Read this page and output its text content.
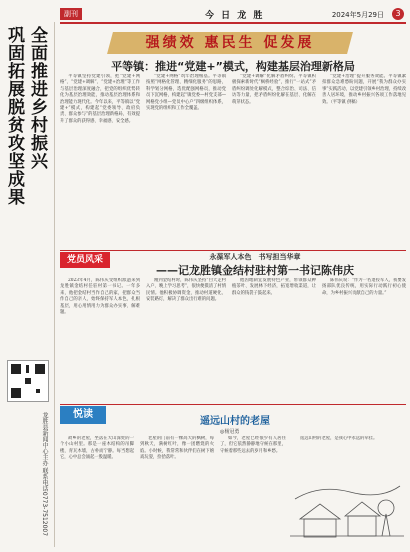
副刊	今 日 龙 胜	2024年5月29日	3
巩固拓展脱贫攻坚成果 全面推进乡村振兴
龙胜县新闻中心主办 联系电话0773-7512007
强绩效 惠民生 促发展
平等镇：推进“党建+”模式，构建基层治理新格局

平等镇坚持党建引领，把“党建+网格”、“党建+调解”、“党建+治理”等工作与基层治理深度融合，把党的组织优势转化为基层治理效能，推动基层治理体系和治理能力现代化。今年以来，平等镇以“党建+”模式，构建起“党委领导、政府负责、群众参与”的基层治理新格局，有效提升了群众的获得感、幸福感、安全感。

“党建+网格”筑牢治理根基。平等镇按照“网格化管理、精细化服务”的思路，科学划分网格，选优配强网格员，推动党员下沉网格，构建起“镇党委—村党支部—网格党小组—党员中心户”四级组织体系，实现党的组织和工作全覆盖。

“党建+调解”化解矛盾纠纷。平等镇积极探索新时代“枫桥经验”，推行“一站式”矛盾纠纷调处化解模式，整合综治、司法、信访等力量，把矛盾纠纷化解在基层、化解在萌芽状态。

“党建+治理”提升服务效能。平等镇紧扣群众急难愁盼问题，开展“我为群众办实事”实践活动，以党建引领乡村治理，持续改善人居环境，推动乡村振兴各项工作落地见效。（平等镇 供稿）

党员风采	永葆军人本色　书写担当华章
——记龙胜镇金结村驻村第一书记陈伟庆

2023年4月，陈伟庆受组织派遣来到龙胜镇金结村任驻村第一书记。一年多来，他把金结村当作自己的家，把群众当作自己的亲人，始终保持军人本色，扎根基层，用心用情用力为群众办实事、解难题。

刚到金结村时，陈伟庆坚持“白天走村入户、晚上学习思考”，很快便摸清了村情民情。他积极协调资金，推动村道硬化、安装路灯，解决了群众出行难的问题。

他因地制宜发展特色产业，带领群众种植茶叶、发展林下经济，拓宽增收渠道，让群众的钱袋子鼓起来。

陈伟庆说：“作为一名退役军人，我要发扬部队优良传统，用实际行动践行初心使命，为乡村振兴贡献自己的力量。”

悦读
遥远山村的老屋
◎杨冠勇

故乡的老屋，坐落在大山深处的一个小山村里。那是一座木结构的吊脚楼，青瓦木墙，古朴而宁静。每当想起它，心中总会涌起一股温暖。

老屋的门前有一棵高大的枫树，每到秋天，满树红叶，像一团燃烧的火焰。小时候，我常常和伙伴们在树下嬉戏玩耍，捡拾落叶。

如今，老屋已经很少有人居住了，但它依然静静地守候在那里，守候着那些远去的岁月和乡愁。

遥远山村的老屋，是我心中永远的牵挂。
